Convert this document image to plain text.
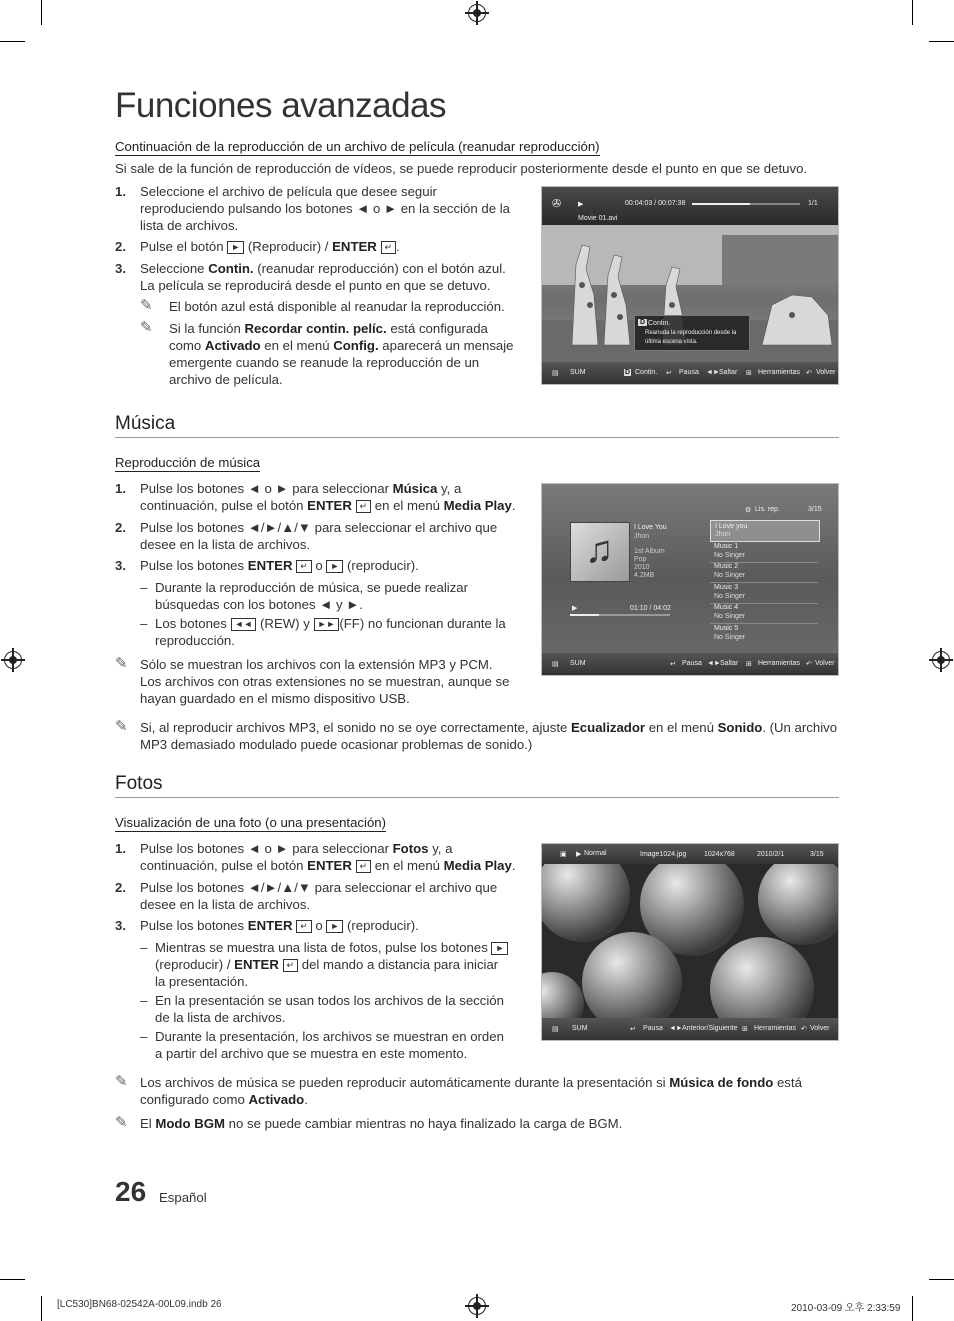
Funciones avanzadas
Continuación de la reproducción de un archivo de película (reanudar reproducción)
Si sale de la función de reproducción de vídeos, se puede reproducir posteriormente desde el punto en que se detuvo.
1. Seleccione el archivo de película que desee seguir reproduciendo pulsando los botones ◄ o ► en la sección de la lista de archivos.
2. Pulse el botón ► (Reproducir) / ENTER ↵ .
3. Seleccione Contin. (reanudar reproducción) con el botón azul. La película se reproducirá desde el punto en que se detuvo.
✎ El botón azul está disponible al reanudar la reproducción.
✎ Si la función Recordar contin. pelíc. está configurada como Activado en el menú Config. aparecerá un mensaje emergente cuando se reanude la reproducción de un archivo de película.
✇ ▶	00:04:03 / 00:07:38	1/1
Movie 01.avi
D Contin.
Reanuda la reproducción desde la
última escena vista.
▤ SUM	D Contin. ↵ Pausa ◄► Saltar ⊞ Herramientas ↶ Volver
Música
Reproducción de música
1. Pulse los botones ◄ o ► para seleccionar Música y, a continuación, pulse el botón ENTER ↵ en el menú Media Play.
2. Pulse los botones ◄/►/▲/▼ para seleccionar el archivo que desee en la lista de archivos.
3. Pulse los botones ENTER ↵ o ► (reproducir).
– Durante la reproducción de música, se puede realizar búsquedas con los botones ◄ y ►.
– Los botones ◄◄ (REW) y ►► (FF) no funcionan durante la reproducción.
✎ Sólo se muestran los archivos con la extensión MP3 y PCM. Los archivos con otras extensiones no se muestran, aunque se hayan guardado en el mismo dispositivo USB.
✎ Si, al reproducir archivos MP3, el sonido no se oye correctamente, ajuste Ecualizador en el menú Sonido. (Un archivo MP3 demasiado modulado puede ocasionar problemas de sonido.)
⚙ Lis. rep.	3/15
♫
I Love You
Jhon
1st Album
Pop
2010
4.2MB
▶	01:10 / 04:02
I Love you
Jhon
Music 1
No Singer
Music 2
No Singer
Music 3
No Singer
Music 4
No Singer
Music 5
No Singer
▤ SUM	↵ Pausa ◄► Saltar ⊞ Herramientas ↶ Volver
Fotos
Visualización de una foto (o una presentación)
1. Pulse los botones ◄ o ► para seleccionar Fotos y, a continuación, pulse el botón ENTER ↵ en el menú Media Play.
2. Pulse los botones ◄/►/▲/▼ para seleccionar el archivo que desee en la lista de archivos.
3. Pulse los botones ENTER ↵ o ► (reproducir).
– Mientras se muestra una lista de fotos, pulse los botones ► (reproducir) / ENTER ↵ del mando a distancia para iniciar la presentación.
– En la presentación se usan todos los archivos de la sección de la lista de archivos.
– Durante la presentación, los archivos se muestran en orden a partir del archivo que se muestra en este momento.
✎ Los archivos de música se pueden reproducir automáticamente durante la presentación si Música de fondo está configurado como Activado.
✎ El Modo BGM no se puede cambiar mientras no haya finalizado la carga de BGM.
▣ ▶ Normal	Image1024.jpg	1024x768	2010/2/1	3/15
▤ SUM	↵ Pausa ◄► Anterior/Siguiente ⊞ Herramientas ↶ Volver
26 Español
[LC530]BN68-02542A-00L09.indb 26	2010-03-09 오후 2:33:59
